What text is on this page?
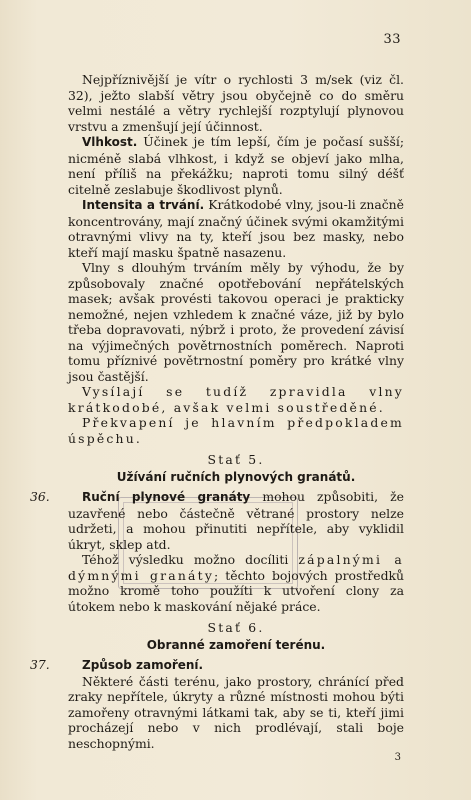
33

Nejpříznivější je vítr o rychlosti 3 m/sek (viz čl. 32), ježto slabší větry jsou obyčejně co do směru velmi nestálé a větry rychlejší rozptylují plynovou vrstvu a zmenšují její účinnost.

Vlhkost. Účinek je tím lepší, čím je počasí sušší; nicméně slabá vlhkost, i když se objeví jako mlha, není příliš na překážku; naproti tomu silný déšť citelně zeslabuje škodlivost plynů.

Intensita a trvání. Krátkodobé vlny, jsou-li značně koncentrovány, mají značný účinek svými okamžitými otravnými vlivy na ty, kteří jsou bez masky, nebo kteří mají masku špatně nasazenu.

Vlny s dlouhým trváním měly by výhodu, že by způsobovaly značné opotřebování nepřátelských masek; avšak provésti takovou operaci je prakticky nemožné, nejen vzhledem k značné váze, již by bylo třeba dopravovati, nýbrž i proto, že provedení závisí na výjimečných povětrnostních poměrech. Naproti tomu příznivé povětrnostní poměry pro krátké vlny jsou častější.

Vysílají se tudíž zpravidla vlny krátkodobé, avšak velmi soustředěné.

Překvapení je hlavním předpokladem úspěchu.

Stať 5.

Užívání ručních plynových granátů.

36.	Ruční plynové granáty mohou způsobiti, že uzavřené nebo částečně větrané prostory nelze udržeti, a mohou přinutiti nepřítele, aby vyklidil úkryt, sklep atd.

Téhož výsledku možno docíliti zápalnými a dýmnými granáty; těchto bojových prostředků možno kromě toho použíti k utvoření clony za útokem nebo k maskování nějaké práce.

Stať 6.

Obranné zamoření terénu.

37.	Způsob zamoření.

Některé části terénu, jako prostory, chránící před zraky nepřítele, úkryty a různé místnosti mohou býti zamořeny otravnými látkami tak, aby se ti, kteří jimi procházejí nebo v nich prodlévají, stali boje neschopnými.

3
